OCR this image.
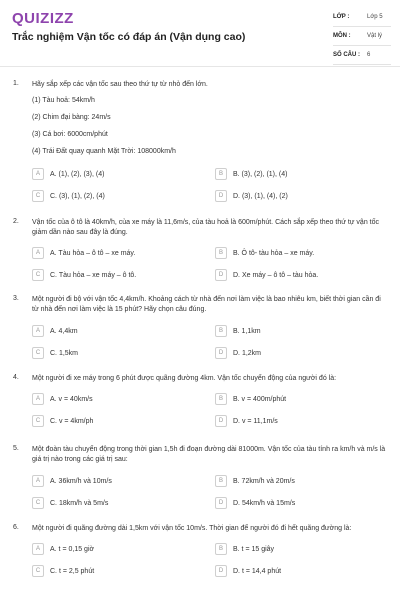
QUIZIZZ
Trắc nghiệm Vận tốc có đáp án (Vận dụng cao)
LỚP :	Lớp 5
MÔN :	Vật lý
SỐ CÂU :	6
1. Hãy sắp xếp các vận tốc sau theo thứ tự từ nhỏ đến lớn.
(1) Tàu hoả: 54km/h
(2) Chim đại bàng: 24m/s
(3) Cá bơi: 6000cm/phút
(4) Trái Đất quay quanh Mặt Trời: 108000km/h
A	A. (1), (2), (3), (4)	B	B. (3), (2), (1), (4)
C	C. (3), (1), (2), (4)	D	D. (3), (1), (4), (2)
2. Vận tốc của ô tô là 40km/h, của xe máy là 11,6m/s, của tàu hoả là 600m/phút. Cách sắp xếp theo thứ tự vận tốc giảm dần nào sau đây là đúng.
A	A. Tàu hỏa – ô tô – xe máy.	B	B. Ô tô- tàu hỏa – xe máy.
C	C. Tàu hỏa – xe máy – ô tô.	D	D. Xe máy – ô tô – tàu hỏa.
3. Một người đi bộ với vận tốc 4,4km/h. Khoảng cách từ nhà đến nơi làm việc là bao nhiêu km, biết thời gian cần đi từ nhà đến nơi làm việc là 15 phút? Hãy chọn câu đúng.
A	A. 4,4km	B	B. 1,1km
C	C. 1,5km	D	D. 1,2km
4. Một người đi xe máy trong 6 phút được quãng đường 4km. Vận tốc chuyển động của người đó là:
A	A. v = 40km/s	B	B. v = 400m/phút
C	C. v = 4km/ph	D	D. v = 11,1m/s
5. Một đoàn tàu chuyển động trong thời gian 1,5h đi đoạn đường dài 81000m. Vận tốc của tàu tính ra km/h và m/s là giá trị nào trong các giá trị sau:
A	A. 36km/h và 10m/s	B	B. 72km/h và 20m/s
C	C. 18km/h và 5m/s	D	D. 54km/h và 15m/s
6. Một người đi quãng đường dài 1,5km với vận tốc 10m/s. Thời gian để người đó đi hết quãng đường là:
A	A. t = 0,15 giờ	B	B. t = 15 giây
C	C. t = 2,5 phút	D	D. t = 14,4 phút
